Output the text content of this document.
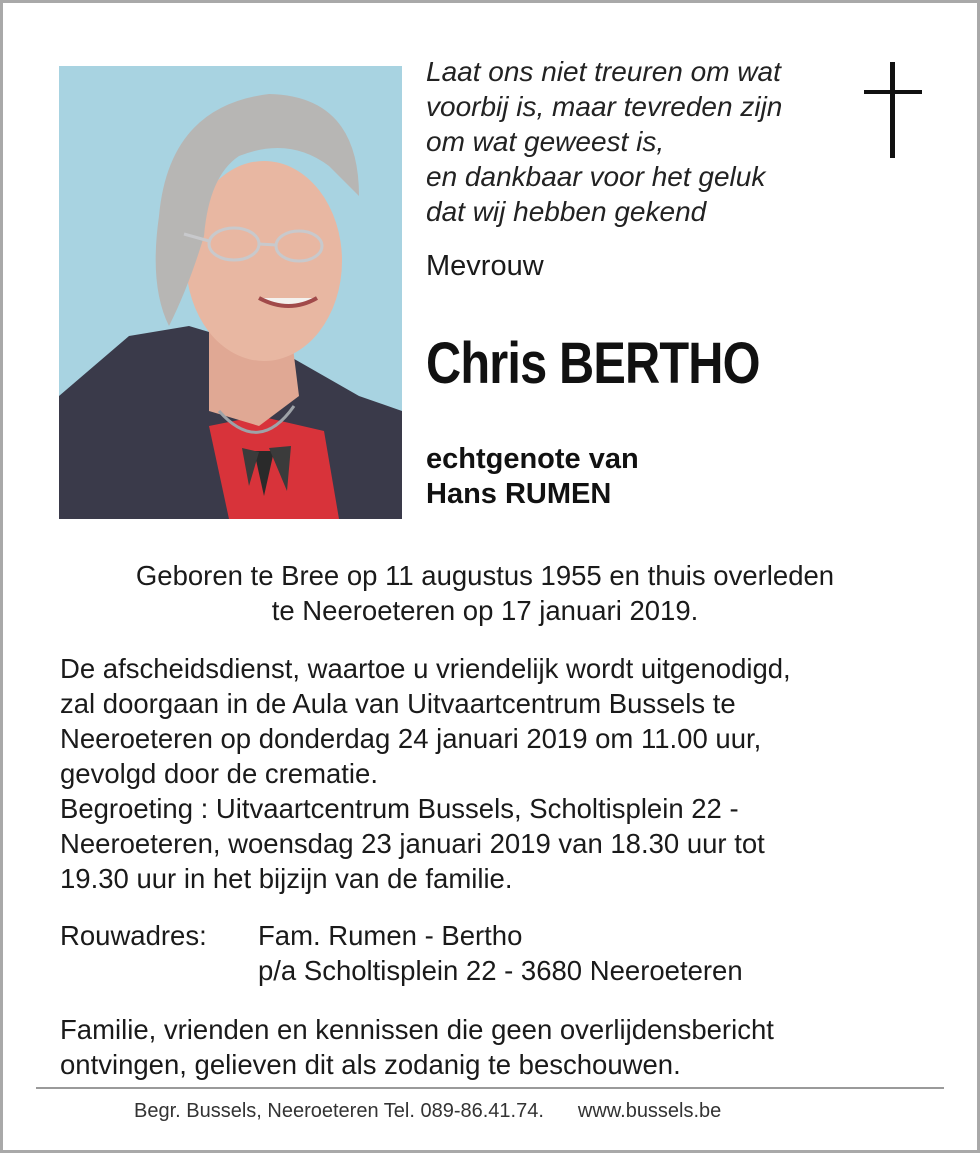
Laat ons niet treuren om wat
voorbij is, maar tevreden zijn
om wat geweest is,
en dankbaar voor het geluk
dat wij hebben gekend
Mevrouw
Chris BERTHO
echtgenote van
Hans RUMEN
Geboren te Bree op 11 augustus 1955 en thuis overleden
te Neeroeteren op 17 januari 2019.
De afscheidsdienst, waartoe u vriendelijk wordt uitgenodigd,
zal doorgaan in de Aula van Uitvaartcentrum Bussels te
Neeroeteren op donderdag 24 januari 2019 om 11.00 uur,
gevolgd door de crematie.
Begroeting : Uitvaartcentrum Bussels, Scholtisplein 22 -
Neeroeteren, woensdag 23 januari 2019 van 18.30 uur tot
19.30 uur in het bijzijn van de familie.
Rouwadres: Fam. Rumen - Bertho
p/a Scholtisplein 22 - 3680 Neeroeteren
Familie, vrienden en kennissen die geen overlijdensbericht
ontvingen, gelieven dit als zodanig te beschouwen.
Begr. Bussels, Neeroeteren Tel. 089-86.41.74. www.bussels.be
